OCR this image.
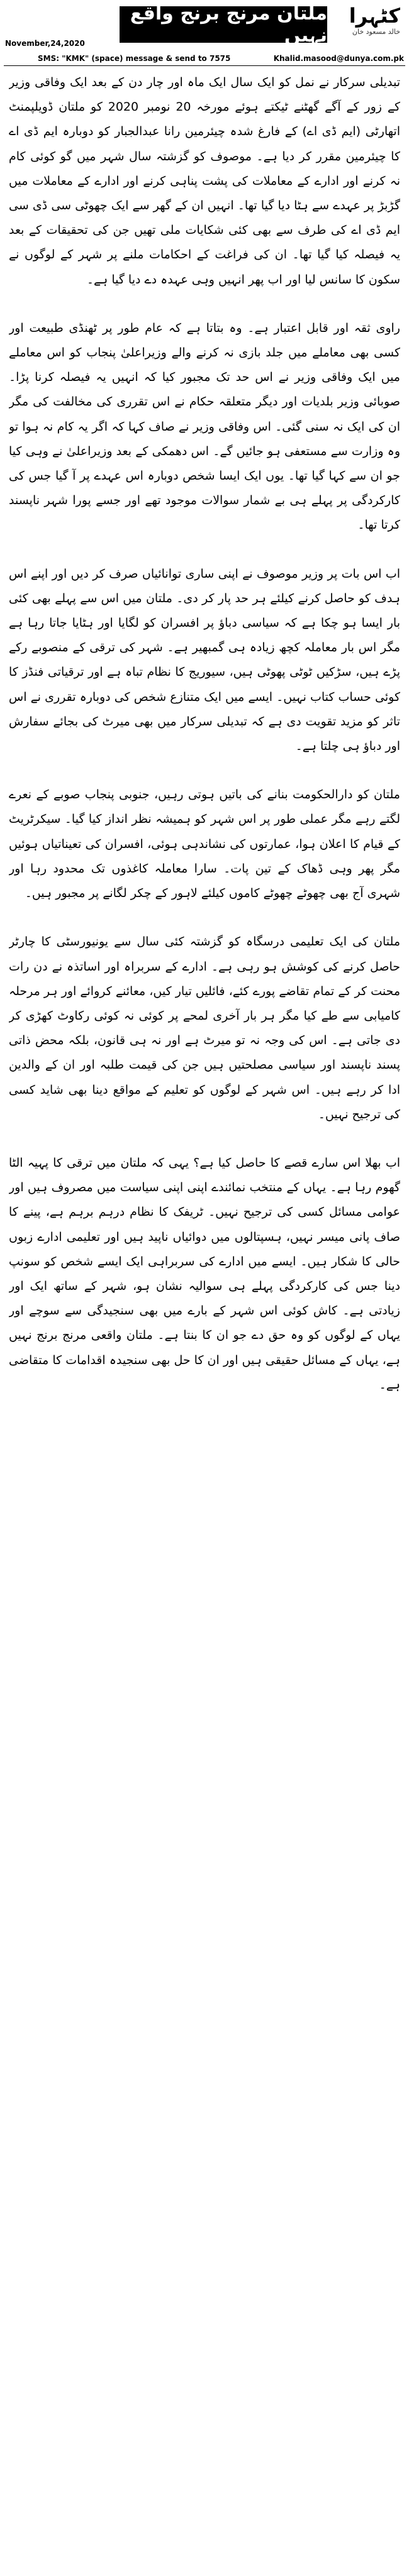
ملتان مرنج برنج واقع نہیں
کٹہرا
خالد مسعود خان
November,24,2020
SMS: "KMK" (space) message & send to 7575	Khalid.masood@dunya.com.pk

تبدیلی سرکار نے نمل کو ایک سال ایک ماہ اور چار دن کے بعد ایک وفاقی وزیر کے زور کے آگے گھٹنے ٹیکتے ہوئے مورخہ 20 نومبر 2020 کو ملتان ڈویلپمنٹ اتھارٹی (ایم ڈی اے) کے فارغ شدہ چیئرمین رانا عبدالجبار کو دوبارہ ایم ڈی اے کا چیئرمین مقرر کر دیا ہے۔ موصوف کو گزشتہ سال شہر میں گو کوئی کام نہ کرنے اور ادارے کے معاملات کی پشت پناہی کرنے اور ادارے کے معاملات میں گڑبڑ پر عہدے سے ہٹا دیا گیا تھا۔ انہیں ان کے گھر سے ایک چھوٹی سی ڈی سی ایم ڈی اے کی طرف سے بھی کئی شکایات ملی تھیں جن کی تحقیقات کے بعد یہ فیصلہ کیا گیا تھا۔ ان کی فراغت کے احکامات ملنے پر شہر کے لوگوں نے سکون کا سانس لیا اور اب پھر انہیں وہی عہدہ دے دیا گیا ہے۔

راوی ثقہ اور قابل اعتبار ہے۔ وہ بتاتا ہے کہ عام طور پر ٹھنڈی طبیعت اور کسی بھی معاملے میں جلد بازی نہ کرنے والے وزیراعلیٰ پنجاب کو اس معاملے میں ایک وفاقی وزیر نے اس حد تک مجبور کیا کہ انہیں یہ فیصلہ کرنا پڑا۔ صوبائی وزیر بلدیات اور دیگر متعلقہ حکام نے اس تقرری کی مخالفت کی مگر ان کی ایک نہ سنی گئی۔ اس وفاقی وزیر نے صاف کہا کہ اگر یہ کام نہ ہوا تو وہ وزارت سے مستعفی ہو جائیں گے۔ اس دھمکی کے بعد وزیراعلیٰ نے وہی کیا جو ان سے کہا گیا تھا۔ یوں ایک ایسا شخص دوبارہ اس عہدے پر آ گیا جس کی کارکردگی پر پہلے ہی بے شمار سوالات موجود تھے اور جسے پورا شہر ناپسند کرتا تھا۔

اب اس بات پر وزیر موصوف نے اپنی ساری توانائیاں صرف کر دیں اور اپنے اس ہدف کو حاصل کرنے کیلئے ہر حد پار کر دی۔ ملتان میں اس سے پہلے بھی کئی بار ایسا ہو چکا ہے کہ سیاسی دباؤ پر افسران کو لگایا اور ہٹایا جاتا رہا ہے مگر اس بار معاملہ کچھ زیادہ ہی گمبھیر ہے۔ شہر کی ترقی کے منصوبے رکے پڑے ہیں، سڑکیں ٹوٹی پھوٹی ہیں، سیوریج کا نظام تباہ ہے اور ترقیاتی فنڈز کا کوئی حساب کتاب نہیں۔ ایسے میں ایک متنازع شخص کی دوبارہ تقرری نے اس تاثر کو مزید تقویت دی ہے کہ تبدیلی سرکار میں بھی میرٹ کی بجائے سفارش اور دباؤ ہی چلتا ہے۔

ملتان کو دارالحکومت بنانے کی باتیں ہوتی رہیں، جنوبی پنجاب صوبے کے نعرے لگتے رہے مگر عملی طور پر اس شہر کو ہمیشہ نظر انداز کیا گیا۔ سیکرٹریٹ کے قیام کا اعلان ہوا، عمارتوں کی نشاندہی ہوئی، افسران کی تعیناتیاں ہوئیں مگر پھر وہی ڈھاک کے تین پات۔ سارا معاملہ کاغذوں تک محدود رہا اور شہری آج بھی چھوٹے چھوٹے کاموں کیلئے لاہور کے چکر لگانے پر مجبور ہیں۔

ملتان کی ایک تعلیمی درسگاہ کو گزشتہ کئی سال سے یونیورسٹی کا چارٹر حاصل کرنے کی کوشش ہو رہی ہے۔ ادارے کے سربراہ اور اساتذہ نے دن رات محنت کر کے تمام تقاضے پورے کئے، فائلیں تیار کیں، معائنے کروائے اور ہر مرحلہ کامیابی سے طے کیا مگر ہر بار آخری لمحے پر کوئی نہ کوئی رکاوٹ کھڑی کر دی جاتی ہے۔ اس کی وجہ نہ تو میرٹ ہے اور نہ ہی قانون، بلکہ محض ذاتی پسند ناپسند اور سیاسی مصلحتیں ہیں جن کی قیمت طلبہ اور ان کے والدین ادا کر رہے ہیں۔ اس شہر کے لوگوں کو تعلیم کے مواقع دینا بھی شاید کسی کی ترجیح نہیں۔

اب بھلا اس سارے قصے کا حاصل کیا ہے؟ یہی کہ ملتان میں ترقی کا پہیہ الٹا گھوم رہا ہے۔ یہاں کے منتخب نمائندے اپنی اپنی سیاست میں مصروف ہیں اور عوامی مسائل کسی کی ترجیح نہیں۔ ٹریفک کا نظام درہم برہم ہے، پینے کا صاف پانی میسر نہیں، ہسپتالوں میں دوائیاں ناپید ہیں اور تعلیمی ادارے زبوں حالی کا شکار ہیں۔ ایسے میں ادارے کی سربراہی ایک ایسے شخص کو سونپ دینا جس کی کارکردگی پہلے ہی سوالیہ نشان ہو، شہر کے ساتھ ایک اور زیادتی ہے۔ کاش کوئی اس شہر کے بارے میں بھی سنجیدگی سے سوچے اور یہاں کے لوگوں کو وہ حق دے جو ان کا بنتا ہے۔ ملتان واقعی مرنج برنج نہیں ہے، یہاں کے مسائل حقیقی ہیں اور ان کا حل بھی سنجیدہ اقدامات کا متقاضی ہے۔
